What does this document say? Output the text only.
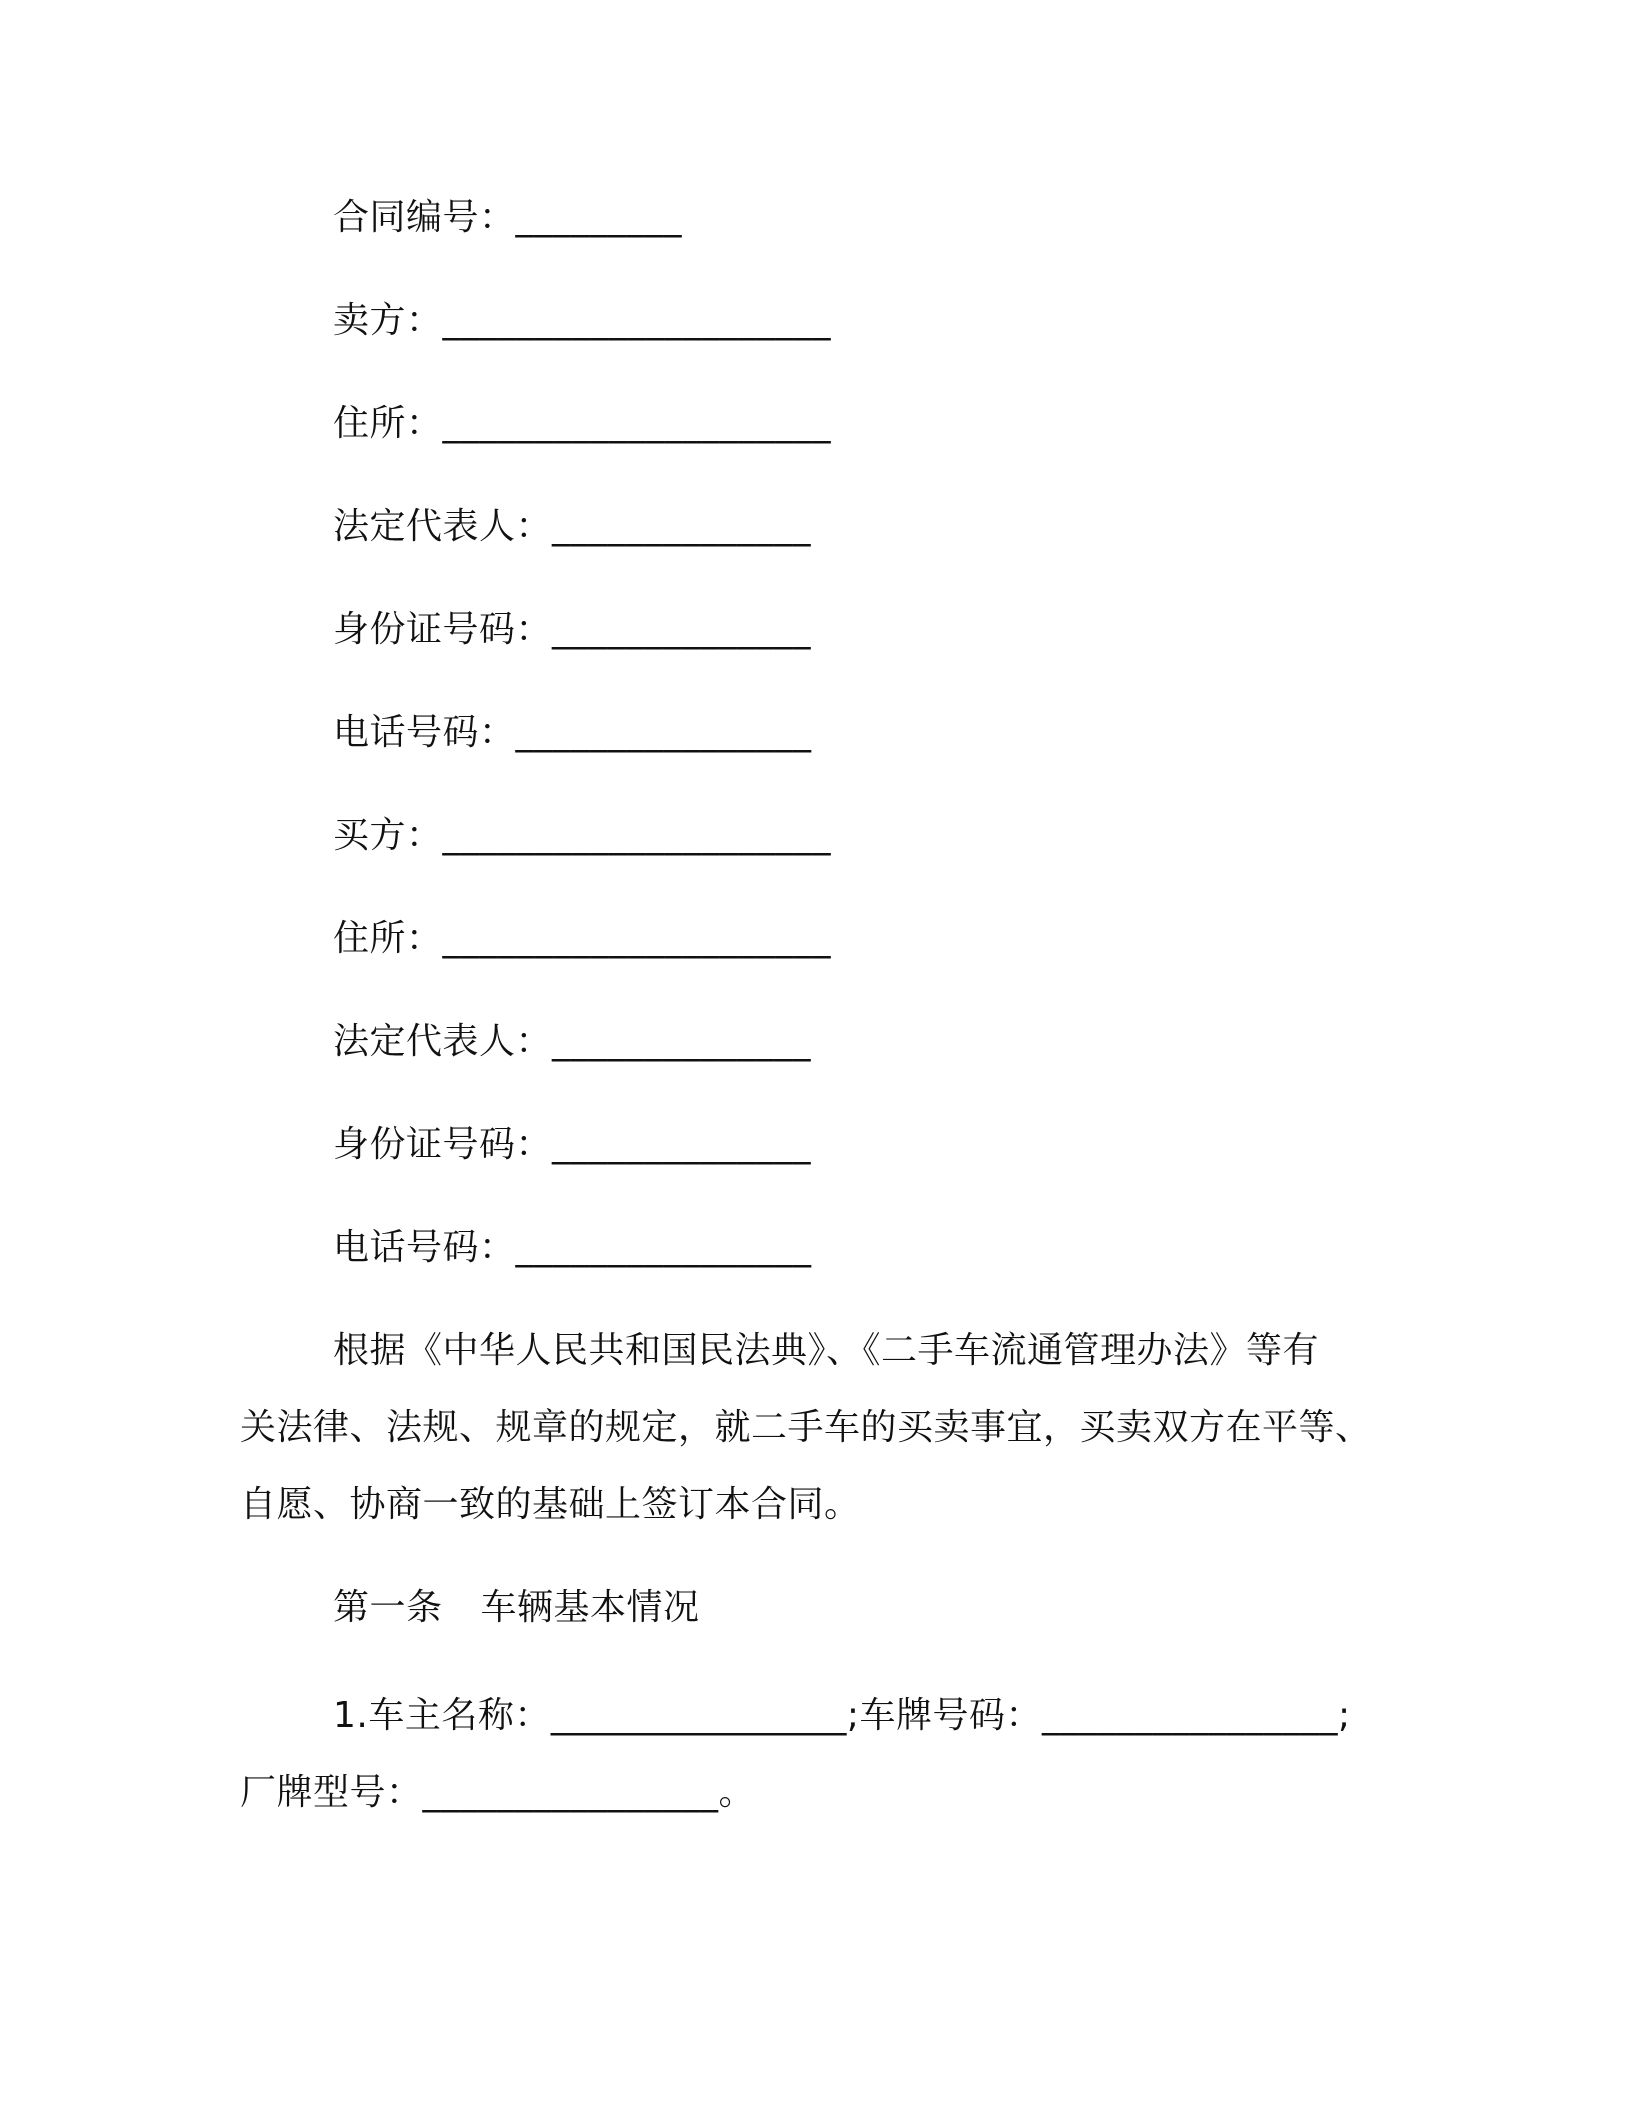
合同编号：_________
卖方：_____________________
住所：_____________________
法定代表人：______________
身份证号码：______________
电话号码：________________
买方：_____________________
住所：_____________________
法定代表人：______________
身份证号码：______________
电话号码：________________
根据《中华人民共和国民法典》、《二手车流通管理办法》等有
关法律、法规、规章的规定，就二手车的买卖事宜，买卖双方在平等、
自愿、协商一致的基础上签订本合同。
第一条 车辆基本情况
1.车主名称：________________;车牌号码：________________;
厂牌型号：________________。
